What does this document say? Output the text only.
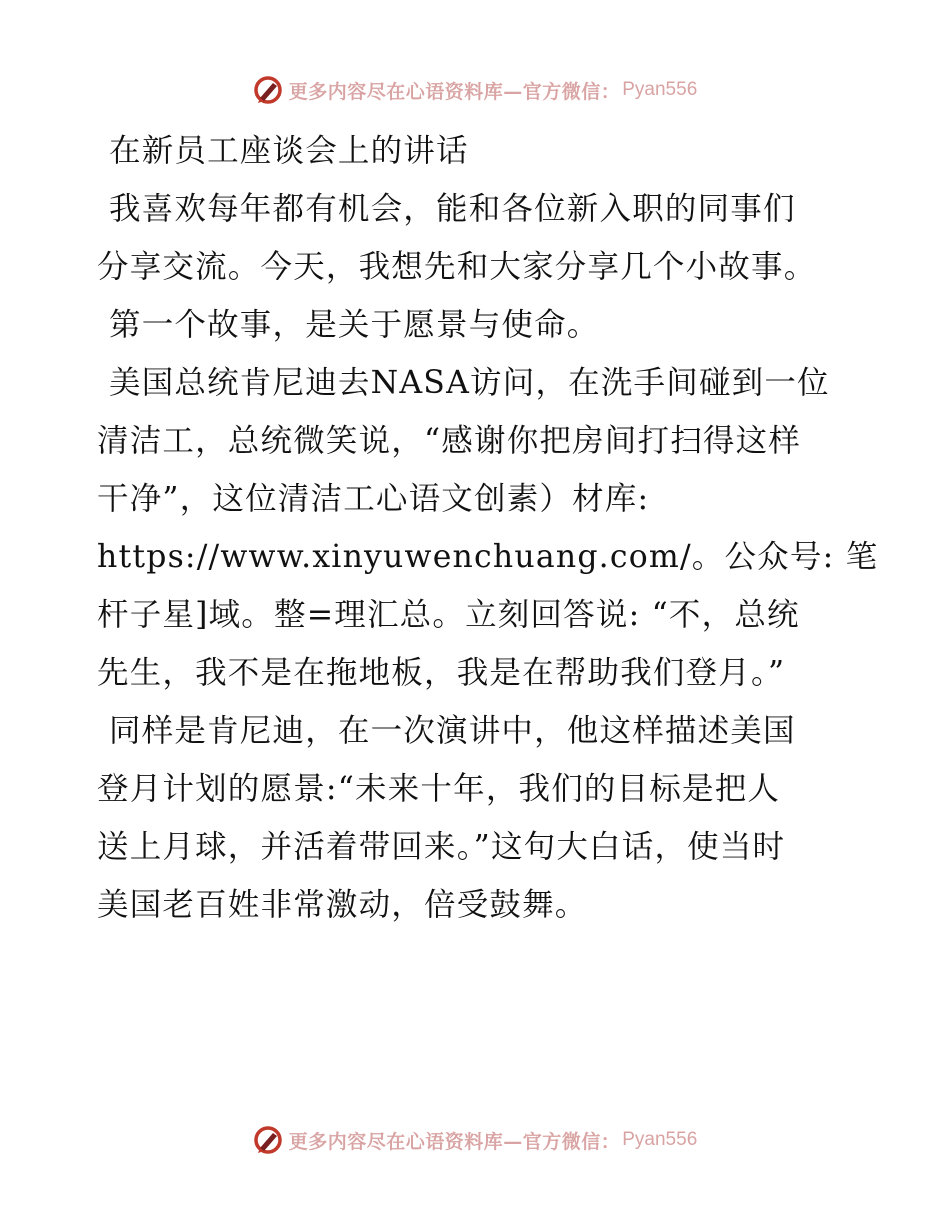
更多内容尽在心语资料库—官方微信： Pyan556
在新员工座谈会上的讲话
我喜欢每年都有机会，能和各位新入职的同事们
分享交流。今天，我想先和大家分享几个小故事。
第一个故事，是关于愿景与使命。
美国总统肯尼迪去NASA访问，在洗手间碰到一位
清洁工，总统微笑说，“感谢你把房间打扫得这样
干净”，这位清洁工心语文创素）材库:
https://www.xinyuwenchuang.com/。公众号: 笔
杆子星]域。整=理汇总。立刻回答说: “不，总统
先生，我不是在拖地板，我是在帮助我们登月。”
同样是肯尼迪，在一次演讲中，他这样描述美国
登月计划的愿景:“未来十年，我们的目标是把人
送上月球，并活着带回来。”这句大白话，使当时
美国老百姓非常激动，倍受鼓舞。
更多内容尽在心语资料库—官方微信： Pyan556
